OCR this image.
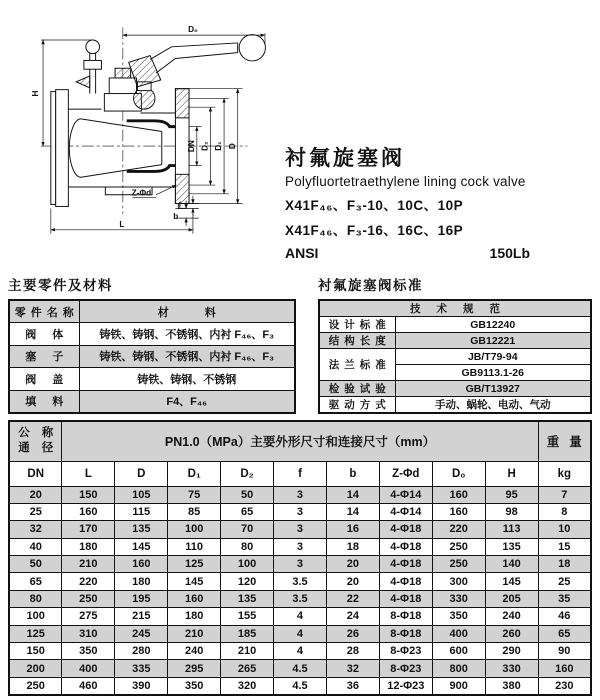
D₀
H
L
DN D₂ D₁ D
f
b
Z-Φd
衬氟旋塞阀
Polyfluortetraethylene lining cock valve
X41F₄₆、F₃-10、10C、10P
X41F₄₆、F₃-16、16C、16P
ANSI	150Lb
主要零件及材料
零件名称	材料
阀体	铸铁、铸钢、不锈钢、内衬 F₄₆、F₃
塞子	铸铁、铸钢、不锈钢、内衬 F₄₆、F₃
阀盖	铸铁、铸钢、不锈钢
填料	F4、F₄₆
衬氟旋塞阀标准
技术规范	
设计标准	GB12240
结构长度	GB12221
法兰标准	JB/T79-94
	GB9113.1-26
检验试验	GB/T13927
驱动方式	手动、蜗轮、电动、气动
公称
通径	PN1.0（MPa）主要外形尺寸和连接尺寸（mm）									重量
DN	L	D	D₁	D₂	f	b	Z-Φd	D₀	H	kg
20	150	105	75	50	3	14	4-Φ14	160	95	7
25	160	115	85	65	3	14	4-Φ14	160	98	8
32	170	135	100	70	3	16	4-Φ18	220	113	10
40	180	145	110	80	3	18	4-Φ18	250	135	15
50	210	160	125	100	3	20	4-Φ18	250	140	18
65	220	180	145	120	3.5	20	4-Φ18	300	145	25
80	250	195	160	135	3.5	22	4-Φ18	330	205	35
100	275	215	180	155	4	24	8-Φ18	350	240	46
125	310	245	210	185	4	26	8-Φ18	400	260	65
150	350	280	240	210	4	28	8-Φ23	600	290	90
200	400	335	295	265	4.5	32	8-Φ23	800	330	160
250	460	390	350	320	4.5	36	12-Φ23	900	380	230
